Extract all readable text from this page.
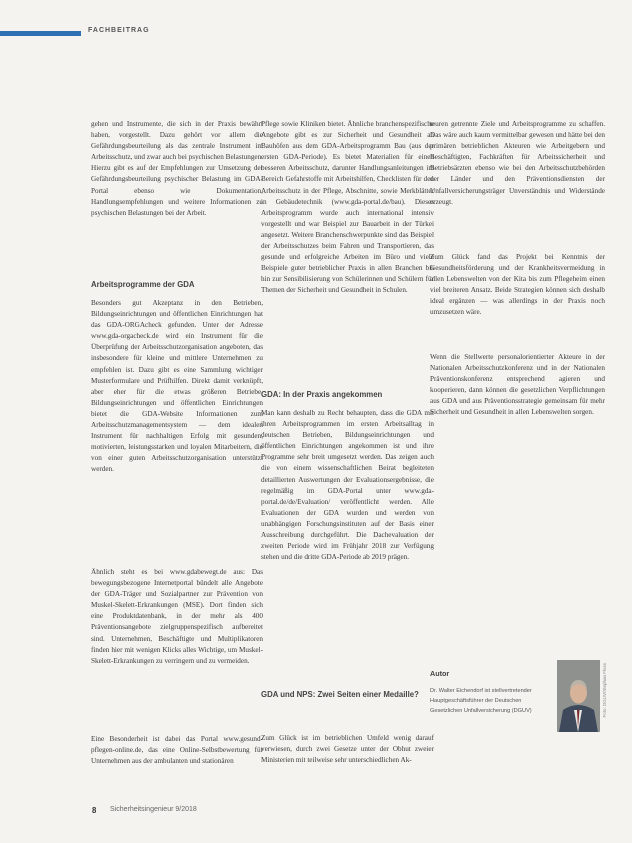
FACHBEITRAG

gehen und Instrumente, die sich in der Praxis bewährt haben, vorgestellt. Dazu gehört vor allem die Gefährdungsbeurteilung als das zentrale Instrument im Arbeitsschutz, und zwar auch bei psychischen Belastungen. Hierzu gibt es auf der Empfehlungen zur Umsetzung der Gefährdungsbeurteilung psychischer Belastung im GDA-Portal ebenso wie Dokumentation, Handlungsempfehlungen und weitere Informationen zu psychischen Belastungen bei der Arbeit.

Arbeitsprogramme der GDA

Besonders gut Akzeptanz in den Betrieben, Bildungseinrichtungen und öffentlichen Einrichtungen hat das GDA-ORGAcheck gefunden. Unter der Adresse www.gda-orgacheck.de wird ein Instrument für die Überprüfung der Arbeitsschutzorganisation angeboten, das insbesondere für kleine und mittlere Unternehmen zu empfehlen ist. Dazu gibt es eine Sammlung wichtiger Musterformulare und Prüfhilfen. Direkt damit verknüpft, aber eher für die etwas größeren Betriebe, Bildungseinrichtungen und öffentlichen Einrichtungen bietet die GDA-Website Informationen zum Arbeitsschutzmanagementsystem — dem idealen Instrument für nachhaltigen Erfolg mit gesunden, motivierten, leistungsstarken und loyalen Mitarbeitern, die von einer guten Arbeitsschutzorganisation unterstützt werden.

Ähnlich steht es bei www.gdabewegt.de aus: Das bewegungsbezogene Internetportal bündelt alle Angebote der GDA-Träger und Sozialpartner zur Prävention von Muskel-Skelett-Erkrankungen (MSE). Dort finden sich eine Produktdatenbank, in der mehr als 400 Präventionsangebote zielgruppenspezifisch aufbereitet sind. Unternehmen, Beschäftigte und Multiplikatoren finden hier mit wenigen Klicks alles Wichtige, um Muskel-Skelett-Erkrankungen zu verringern und zu vermeiden.

Eine Besonderheit ist dabei das Portal www.gesund-pflegen-online.de, das eine Online-Selbstbewertung für Unternehmen aus der ambulanten und stationären

Pflege sowie Kliniken bietet. Ähnliche branchenspezifische Angebote gibt es zur Sicherheit und Gesundheit an Bauhöfen aus dem GDA-Arbeitsprogramm Bau (aus der ersten GDA-Periode). Es bietet Materialien für einen besseren Arbeitsschutz, darunter Handlungsanleitungen im Bereich Gefahrstoffe mit Arbeitshilfen, Checklisten für den Arbeitsschutz in der Pflege, Abschnitte, sowie Merkblätter in Gebäudetechnik (www.gda-portal.de/bau). Dieses Arbeitsprogramm wurde auch international intensiv vorgestellt und war Beispiel zur Bauarbeit in der Türkei angesetzt. Weitere Branchenschwerpunkte sind das Beispiel der Arbeitsschutzes beim Fahren und Transportieren, das gesunde und erfolgreiche Arbeiten im Büro und viele Beispiele guter betrieblicher Praxis in allen Branchen bis hin zur Sensibilisierung von Schülerinnen und Schülern für Themen der Sicherheit und Gesundheit in Schulen.

GDA: In der Praxis angekommen

Man kann deshalb zu Recht behaupten, dass die GDA mit ihren Arbeitsprogrammen im ersten Arbeitsalltag in deutschen Betrieben, Bildungseinrichtungen und öffentlichen Einrichtungen angekommen ist und ihre Programme sehr breit umgesetzt werden. Das zeigen auch die von einem wissenschaftlichen Beirat begleiteten detaillierten Auswertungen der Evaluationsergebnisse, die regelmäßig im GDA-Portal unter www.gda-portal.de/de/Evaluation/ veröffentlicht werden. Alle Evaluationen der GDA wurden und werden von unabhängigen Forschungsinstituten auf der Basis einer Ausschreibung durchgeführt. Die Dachevaluation der zweiten Periode wird im Frühjahr 2018 zur Verfügung stehen und die dritte GDA-Periode ab 2019 prägen.

GDA und NPS: Zwei Seiten einer Medaille?

Zum Glück ist im betrieblichen Umfeld wenig darauf verwiesen, durch zwei Gesetze unter der Obhut zweier Ministerien mit teilweise sehr unterschiedlichen Ak-

teuren getrennte Ziele und Arbeitsprogramme zu schaffen. Das wäre auch kaum vermittelbar gewesen und hätte bei den primären betrieblichen Akteuren wie Arbeitgebern und Beschäftigten, Fachkräften für Arbeitssicherheit und Betriebsärzten ebenso wie bei den Arbeitsschutzbehörden der Länder und den Präventionsdiensten der Unfallversicherungsträger Unverständnis und Widerstände erzeugt.

Zum Glück fand das Projekt bei Kenntnis der Gesundheitsförderung und der Krankheitsvermeidung in allen Lebenswelten von der Kita bis zum Pflegeheim einen viel breiteren Ansatz. Beide Strategien können sich deshalb ideal ergänzen — was allerdings in der Praxis noch umzusetzen wäre.

Wenn die Stellwerte personalorientierter Akteure in der Nationalen Arbeitsschutzkonferenz und in der Nationalen Präventionskonferenz entsprechend agieren und kooperieren, dann können die gesetzlichen Verpflichtungen aus GDA und aus Präventionsstrategie gemeinsam für mehr Sicherheit und Gesundheit in allen Lebenswelten sorgen.

Autor
Dr. Walter Eichendorf ist stellvertretender Hauptgeschäftsführer der Deutschen Gesetzlichen Unfallversicherung (DGUV)	Foto: DGUV/Stephan Floss
8 Sicherheitsingenieur 9/2018
